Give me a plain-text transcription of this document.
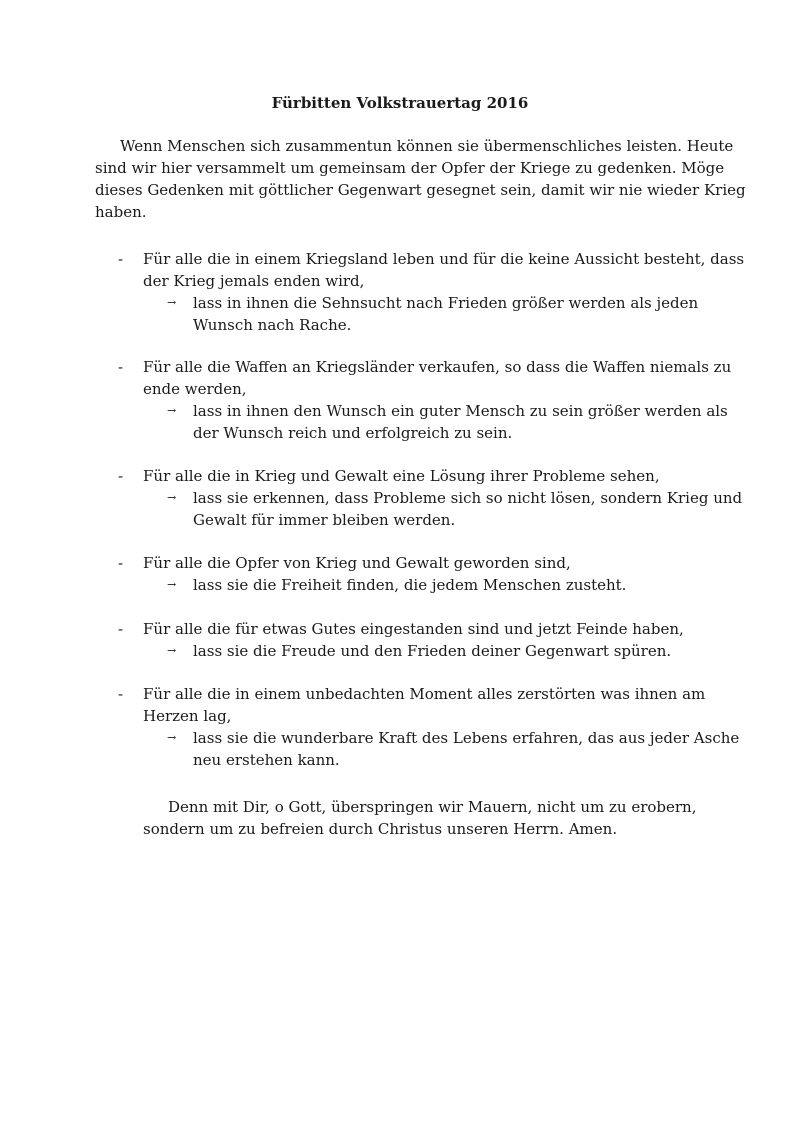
Fürbitten Volkstrauertag 2016
Wenn Menschen sich zusammentun können sie übermenschliches leisten. Heute
sind wir hier versammelt um gemeinsam der Opfer der Kriege zu gedenken. Möge
dieses Gedenken mit göttlicher Gegenwart gesegnet sein, damit wir nie wieder Krieg
haben.
- Für alle die in einem Kriegsland leben und für die keine Aussicht besteht, dass
der Krieg jemals enden wird,
→ lass in ihnen die Sehnsucht nach Frieden größer werden als jeden
Wunsch nach Rache.
- Für alle die Waffen an Kriegsländer verkaufen, so dass die Waffen niemals zu
ende werden,
→ lass in ihnen den Wunsch ein guter Mensch zu sein größer werden als
der Wunsch reich und erfolgreich zu sein.
- Für alle die in Krieg und Gewalt eine Lösung ihrer Probleme sehen,
→ lass sie erkennen, dass Probleme sich so nicht lösen, sondern Krieg und
Gewalt für immer bleiben werden.
- Für alle die Opfer von Krieg und Gewalt geworden sind,
→ lass sie die Freiheit finden, die jedem Menschen zusteht.
- Für alle die für etwas Gutes eingestanden sind und jetzt Feinde haben,
→ lass sie die Freude und den Frieden deiner Gegenwart spüren.
- Für alle die in einem unbedachten Moment alles zerstörten was ihnen am
Herzen lag,
→ lass sie die wunderbare Kraft des Lebens erfahren, das aus jeder Asche
neu erstehen kann.
Denn mit Dir, o Gott, überspringen wir Mauern, nicht um zu erobern,
sondern um zu befreien durch Christus unseren Herrn. Amen.
